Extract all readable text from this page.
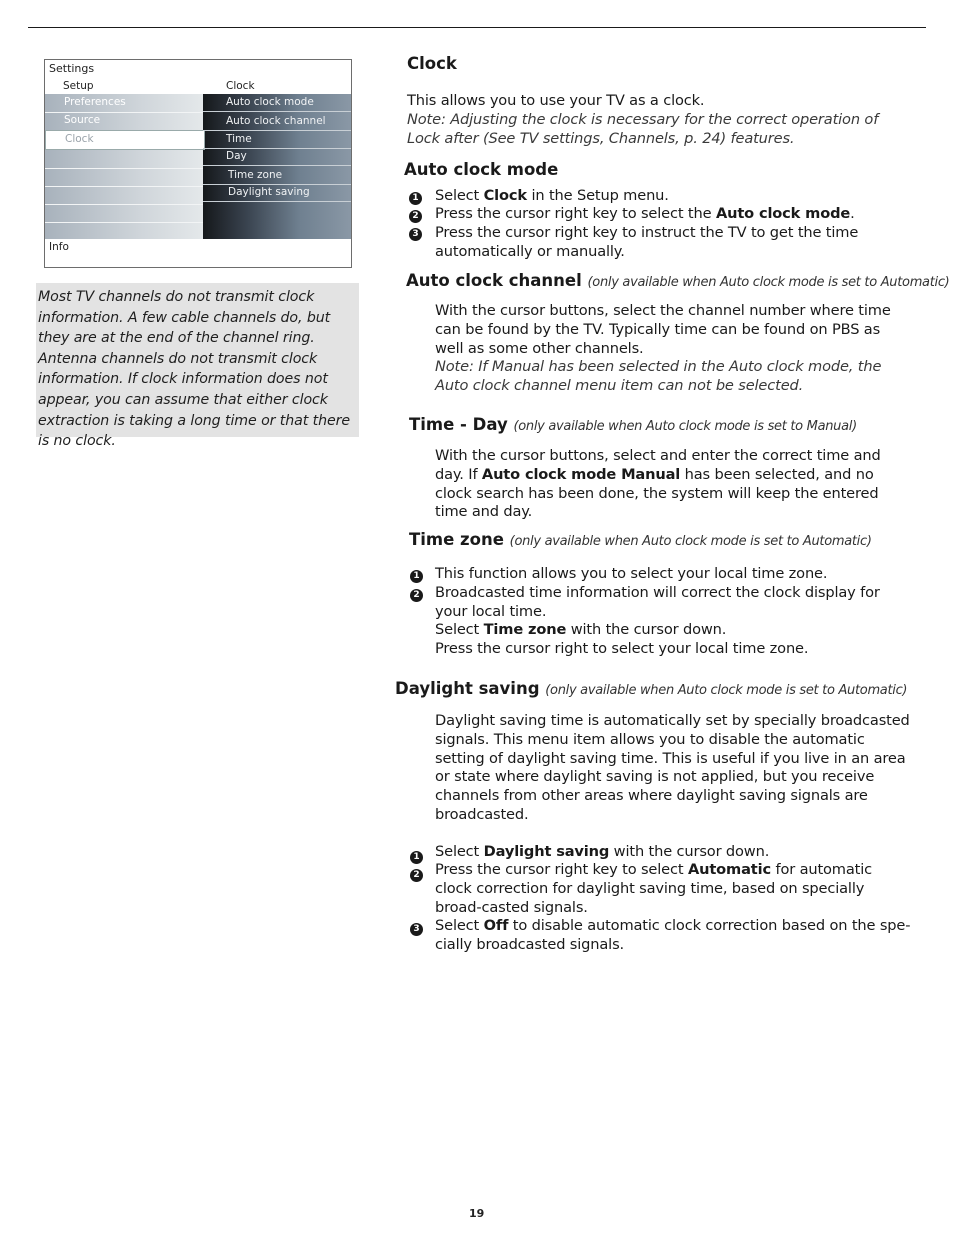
Settings
Setup	Clock
Preferences
Source
Clock
Auto clock mode
Auto clock channel
Time
Day
Time zone
Daylight saving
Info

Most TV channels do not transmit clock information. A few cable channels do, but they are at the end of the channel ring. Antenna channels do not transmit clock information. If clock information does not appear, you can assume that either clock extraction is taking a long time or that there is no clock.

Clock

This allows you to use your TV as a clock.

Note: Adjusting the clock is necessary for the correct operation of Lock after (See TV settings, Channels, p. 24) features.

Auto clock mode
1 Select Clock in the Setup menu.

2 Press the cursor right key to select the Auto clock mode.

3 Press the cursor right key to instruct the TV to get the time automatically or manually.

Auto clock channel (only available when Auto clock mode is set to Automatic)

With the cursor buttons, select the channel number where time can be found by the TV. Typically time can be found on PBS as well as some other channels.

Note: If Manual has been selected in the Auto clock mode, the Auto clock channel menu item can not be selected.

Time - Day (only available when Auto clock mode is set to Manual)

With the cursor buttons, select and enter the correct time and day. If Auto clock mode Manual has been selected, and no clock search has been done, the system will keep the entered time and day.

Time zone (only available when Auto clock mode is set to Automatic)
1 This function allows you to select your local time zone.

2 Broadcasted time information will correct the clock display for your local time.

Select Time zone with the cursor down.

Press the cursor right to select your local time zone.

Daylight saving (only available when Auto clock mode is set to Automatic)

Daylight saving time is automatically set by specially broadcasted signals. This menu item allows you to disable the automatic setting of daylight saving time. This is useful if you live in an area or state where daylight saving is not applied, but you receive channels from other areas where daylight saving signals are broadcasted.

1 Select Daylight saving with the cursor down.

2 Press the cursor right key to select Automatic for automatic clock correction for daylight saving time, based on specially broad-casted signals.

3 Select Off to disable automatic clock correction based on the spe-cially broadcasted signals.

19
